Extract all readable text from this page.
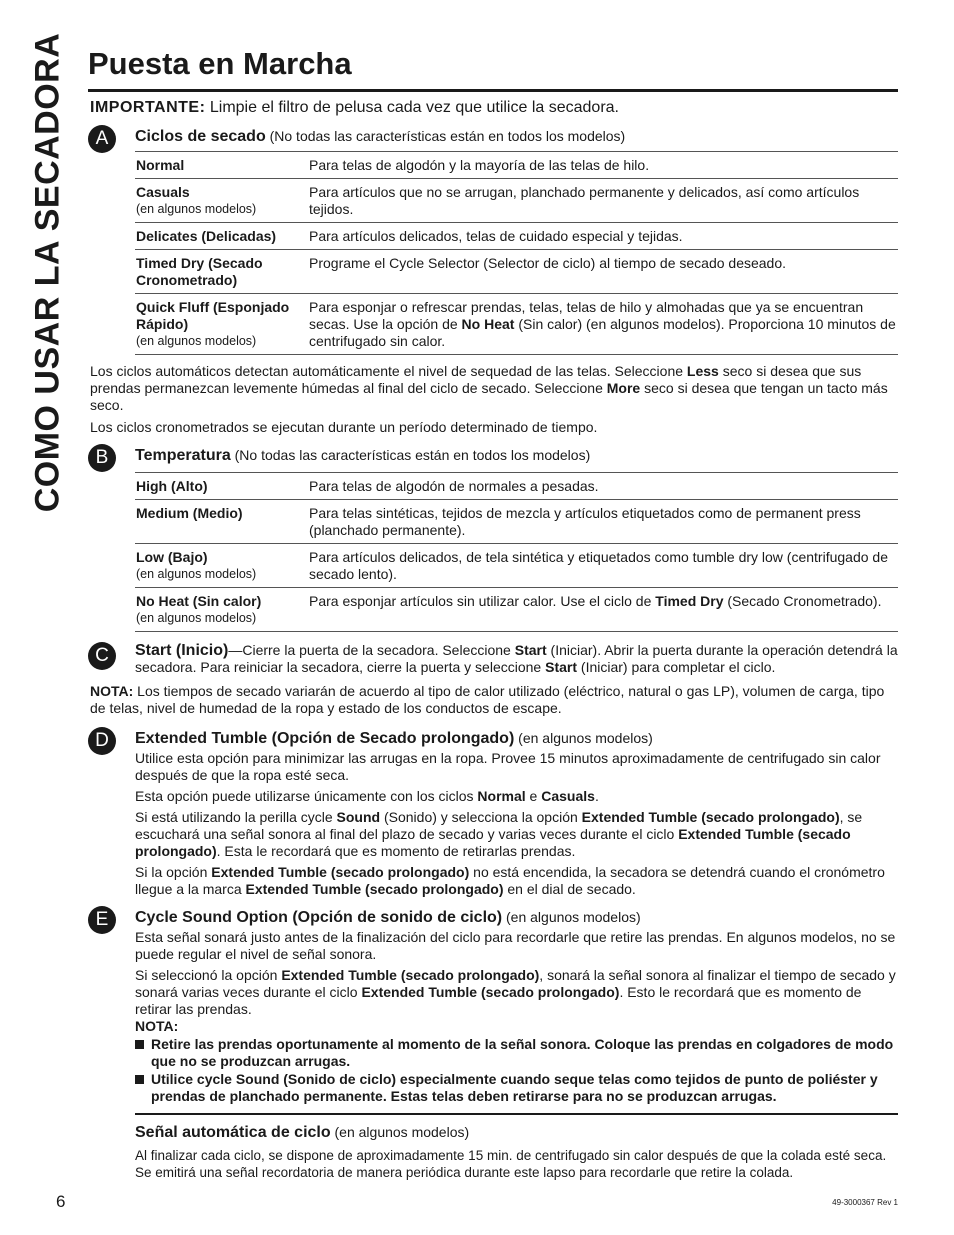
COMO USAR LA SECADORA Puesta en Marcha

IMPORTANTE: Limpie el filtro de pelusa cada vez que utilice la secadora.

A	Ciclos de secado (No todas las características están en todos los modelos)
Normal	Para telas de algodón y la mayoría de las telas de hilo.

Casuals
(en algunos modelos)	Para artículos que no se arrugan, planchado permanente y delicados, así como artículos tejidos.

Delicates (Delicadas)	Para artículos delicados, telas de cuidado especial y tejidas.

Timed Dry (Secado Cronometrado)	Programe el Cycle Selector (Selector de ciclo) al tiempo de secado deseado.

Quick Fluff (Esponjado Rápido)
(en algunos modelos)	Para esponjar o refrescar prendas, telas, telas de hilo y almohadas que ya se encuentran secas. Use la opción de No Heat (Sin calor) (en algunos modelos). Proporciona 10 minutos de centrifugado sin calor.

Los ciclos automáticos detectan automáticamente el nivel de sequedad de las telas. Seleccione Less seco si desea que sus prendas permanezcan levemente húmedas al final del ciclo de secado. Seleccione More seco si desea que tengan un tacto más seco.

Los ciclos cronometrados se ejecutan durante un período determinado de tiempo.

B	Temperatura (No todas las características están en todos los modelos)
High (Alto)	Para telas de algodón de normales a pesadas.

Medium (Medio)	Para telas sintéticas, tejidos de mezcla y artículos etiquetados como de permanent press (planchado permanente).

Low (Bajo)
(en algunos modelos)	Para artículos delicados, de tela sintética y etiquetados como tumble dry low (centrifugado de secado lento).

No Heat (Sin calor)
(en algunos modelos)	Para esponjar artículos sin utilizar calor. Use el ciclo de Timed Dry (Secado Cronometrado).
C	Start (Inicio)—Cierre la puerta de la secadora. Seleccione Start (Iniciar). Abrir la puerta durante la operación detendrá la secadora. Para reiniciar la secadora, cierre la puerta y seleccione Start (Iniciar) para completar el ciclo.

NOTA: Los tiempos de secado variarán de acuerdo al tipo de calor utilizado (eléctrico, natural o gas LP), volumen de carga, tipo de telas, nivel de humedad de la ropa y estado de los conductos de escape.

D	Extended Tumble (Opción de Secado prolongado) (en algunos modelos)

Utilice esta opción para minimizar las arrugas en la ropa. Provee 15 minutos aproximadamente de centrifugado sin calor después de que la ropa esté seca.

Esta opción puede utilizarse únicamente con los ciclos Normal e Casuals.

Si está utilizando la perilla cycle Sound (Sonido) y selecciona la opción Extended Tumble (secado prolongado), se escuchará una señal sonora al final del plazo de secado y varias veces durante el ciclo Extended Tumble (secado prolongado). Esta le recordará que es momento de retirarlas prendas.

Si la opción Extended Tumble (secado prolongado) no está encendida, la secadora se detendrá cuando el cronómetro llegue a la marca Extended Tumble (secado prolongado) en el dial de secado.

E	Cycle Sound Option (Opción de sonido de ciclo) (en algunos modelos)

Esta señal sonará justo antes de la finalización del ciclo para recordarle que retire las prendas. En algunos modelos, no se puede regular el nivel de señal sonora.

Si seleccionó la opción Extended Tumble (secado prolongado), sonará la señal sonora al finalizar el tiempo de secado y sonará varias veces durante el ciclo Extended Tumble (secado prolongado). Esto le recordará que es momento de retirar las prendas.

NOTA:
Retire las prendas oportunamente al momento de la señal sonora. Coloque las prendas en colgadores de modo que no se produzcan arrugas.
Utilice cycle Sound (Sonido de ciclo) especialmente cuando seque telas como tejidos de punto de poliéster y prendas de planchado permanente. Estas telas deben retirarse para no se produzcan arrugas.
Señal automática de ciclo (en algunos modelos)

Al finalizar cada ciclo, se dispone de aproximadamente 15 min. de centrifugado sin calor después de que la colada esté seca. Se emitirá una señal recordatoria de manera periódica durante este lapso para recordarle que retire la colada.

6	49-3000367 Rev 1
